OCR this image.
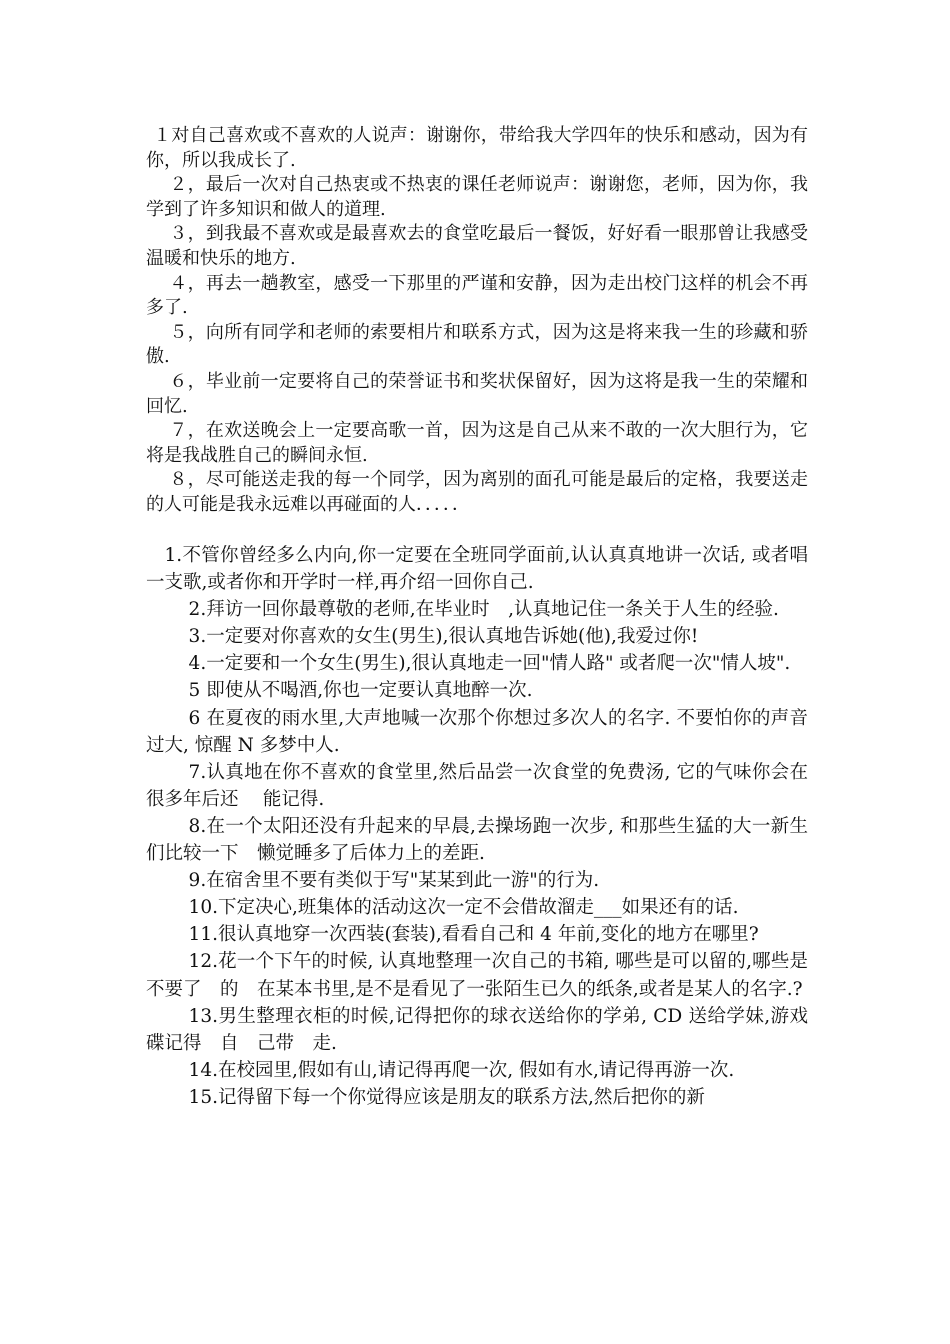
１对自己喜欢或不喜欢的人说声：谢谢你，带给我大学四年的快乐和感动，因为有你，所以我成长了.

２，最后一次对自己热衷或不热衷的课任老师说声：谢谢您，老师，因为你，我学到了许多知识和做人的道理.

３，到我最不喜欢或是最喜欢去的食堂吃最后一餐饭，好好看一眼那曾让我感受温暖和快乐的地方.

４，再去一趟教室，感受一下那里的严谨和安静，因为走出校门这样的机会不再多了.

５，向所有同学和老师的索要相片和联系方式，因为这是将来我一生的珍藏和骄傲.

６，毕业前一定要将自己的荣誉证书和奖状保留好，因为这将是我一生的荣耀和回忆.

７，在欢送晚会上一定要高歌一首，因为这是自己从来不敢的一次大胆行为，它将是我战胜自己的瞬间永恒.

８，尽可能送走我的每一个同学，因为离别的面孔可能是最后的定格，我要送走的人可能是我永远难以再碰面的人．．．．．

1.不管你曾经多么内向,你一定要在全班同学面前,认认真真地讲一次话, 或者唱一支歌,或者你和开学时一样,再介绍一回你自己.

2.拜访一回你最尊敬的老师,在毕业时　,认真地记住一条关于人生的经验.

3.一定要对你喜欢的女生(男生),很认真地告诉她(他),我爱过你!

4.一定要和一个女生(男生),很认真地走一回"情人路" 或者爬一次"情人坡".

5 即使从不喝酒,你也一定要认真地醉一次.

6 在夏夜的雨水里,大声地喊一次那个你想过多次人的名字. 不要怕你的声音过大, 惊醒 N 多梦中人.

7.认真地在你不喜欢的食堂里,然后品尝一次食堂的免费汤, 它的气味你会在很多年后还　 能记得.

8.在一个太阳还没有升起来的早晨,去操场跑一次步, 和那些生猛的大一新生们比较一下　懒觉睡多了后体力上的差距.

9.在宿舍里不要有类似于写"某某到此一游"的行为.

10.下定决心,班集体的活动这次一定不会借故溜走___如果还有的话.

11.很认真地穿一次西装(套装),看看自己和 4 年前,变化的地方在哪里?

12.花一个下午的时候, 认真地整理一次自己的书箱, 哪些是可以留的,哪些是不要了　的　在某本书里,是不是看见了一张陌生已久的纸条,或者是某人的名字.?

13.男生整理衣柜的时候,记得把你的球衣送给你的学弟, CD 送给学妹,游戏碟记得　自　己带　走.

14.在校园里,假如有山,请记得再爬一次, 假如有水,请记得再游一次.

15.记得留下每一个你觉得应该是朋友的联系方法,然后把你的新
